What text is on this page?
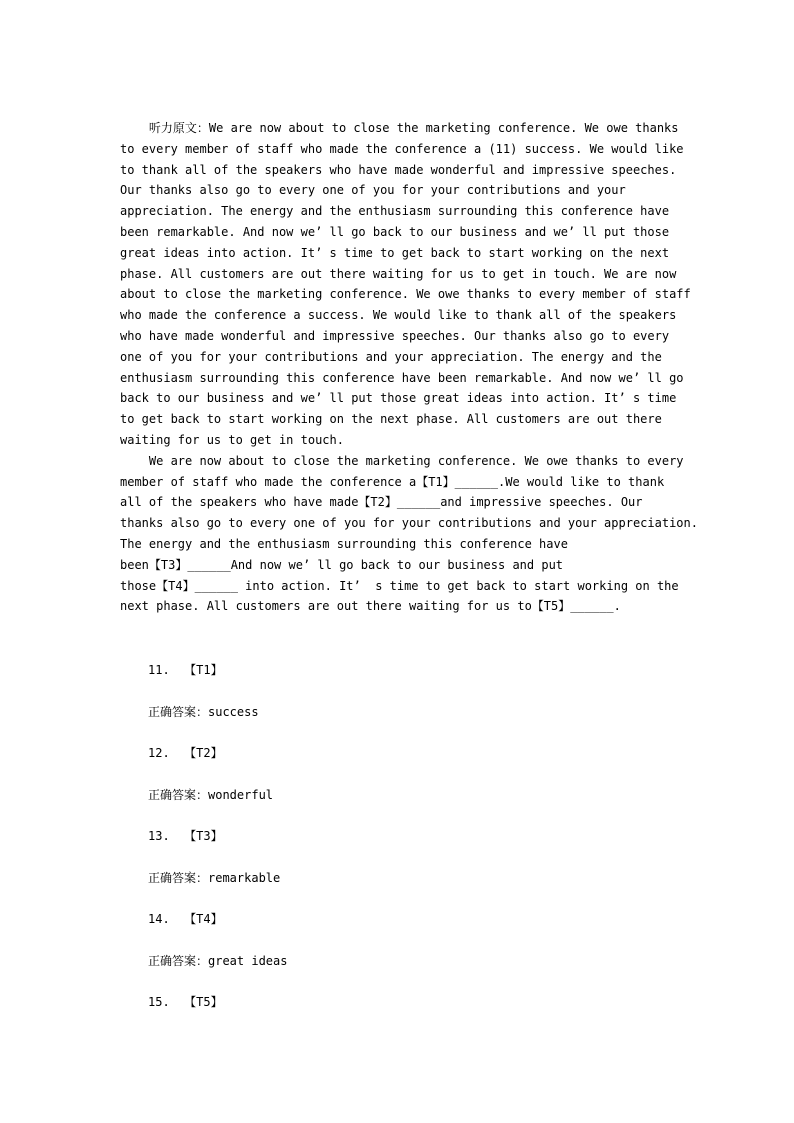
听力原文：We are now about to close the marketing conference. We owe thanks
to every member of staff who made the conference a (11) success. We would like
to thank all of the speakers who have made wonderful and impressive speeches.
Our thanks also go to every one of you for your contributions and your
appreciation. The energy and the enthusiasm surrounding this conference have
been remarkable. And now we’ ll go back to our business and we’ ll put those
great ideas into action. It’ s time to get back to start working on the next
phase. All customers are out there waiting for us to get in touch. We are now
about to close the marketing conference. We owe thanks to every member of staff
who made the conference a success. We would like to thank all of the speakers
who have made wonderful and impressive speeches. Our thanks also go to every
one of you for your contributions and your appreciation. The energy and the
enthusiasm surrounding this conference have been remarkable. And now we’ ll go
back to our business and we’ ll put those great ideas into action. It’ s time
to get back to start working on the next phase. All customers are out there
waiting for us to get in touch.
We are now about to close the marketing conference. We owe thanks to every
member of staff who made the conference a【T1】______.We would like to thank
all of the speakers who have made【T2】______and impressive speeches. Our
thanks also go to every one of you for your contributions and your appreciation.
The energy and the enthusiasm surrounding this conference have
been【T3】______And now we’ ll go back to our business and put
those【T4】______ into action. It’  s time to get back to start working on the
next phase. All customers are out there waiting for us to【T5】______.
11.  【T1】
正确答案：success
12.  【T2】
正确答案：wonderful
13.  【T3】
正确答案：remarkable
14.  【T4】
正确答案：great ideas
15.  【T5】
